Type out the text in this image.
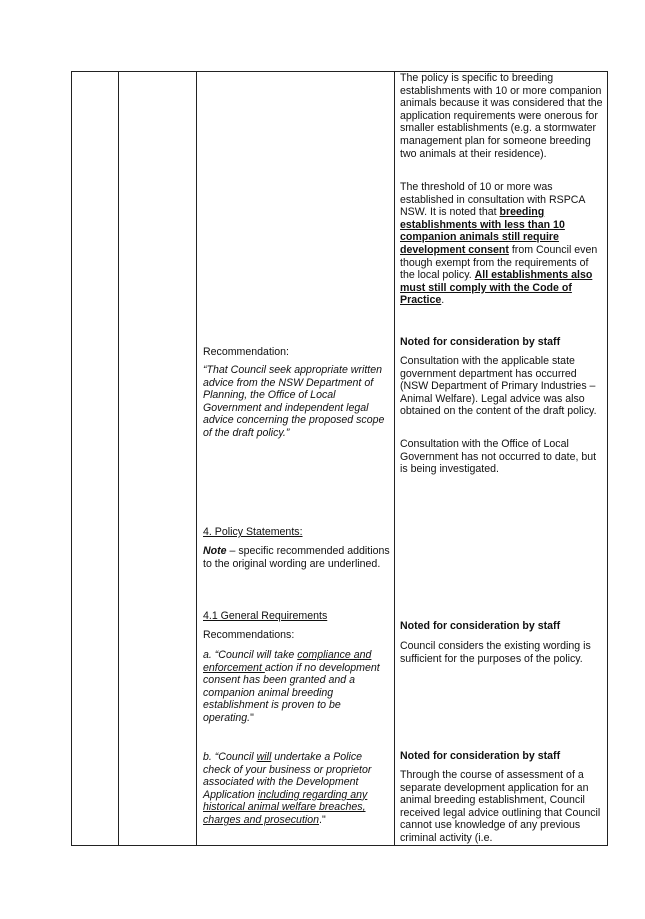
The policy is specific to breeding establishments with 10 or more companion animals because it was considered that the application requirements were onerous for smaller establishments (e.g. a stormwater management plan for someone breeding two animals at their residence).

The threshold of 10 or more was established in consultation with RSPCA NSW. It is noted that breeding establishments with less than 10 companion animals still require development consent from Council even though exempt from the requirements of the local policy. All establishments also must still comply with the Code of Practice.

Noted for consideration by staff

Consultation with the applicable state government department has occurred (NSW Department of Primary Industries – Animal Welfare). Legal advice was also obtained on the content of the draft policy.

Consultation with the Office of Local Government has not occurred to date, but is being investigated.

Noted for consideration by staff

Council considers the existing wording is sufficient for the purposes of the policy.

Noted for consideration by staff

Through the course of assessment of a separate development application for an animal breeding establishment, Council received legal advice outlining that Council cannot use knowledge of any previous criminal activity (i.e.

Recommendation:

“That Council seek appropriate written advice from the NSW Department of Planning, the Office of Local Government and independent legal advice concerning the proposed scope of the draft policy.”

4. Policy Statements:

Note – specific recommended additions to the original wording are underlined.

4.1 General Requirements

Recommendations:

a. “Council will take compliance and enforcement action if no development consent has been granted and a companion animal breeding establishment is proven to be operating."

b. “Council will undertake a Police check of your business or proprietor associated with the Development Application including regarding any historical animal welfare breaches, charges and prosecution."
